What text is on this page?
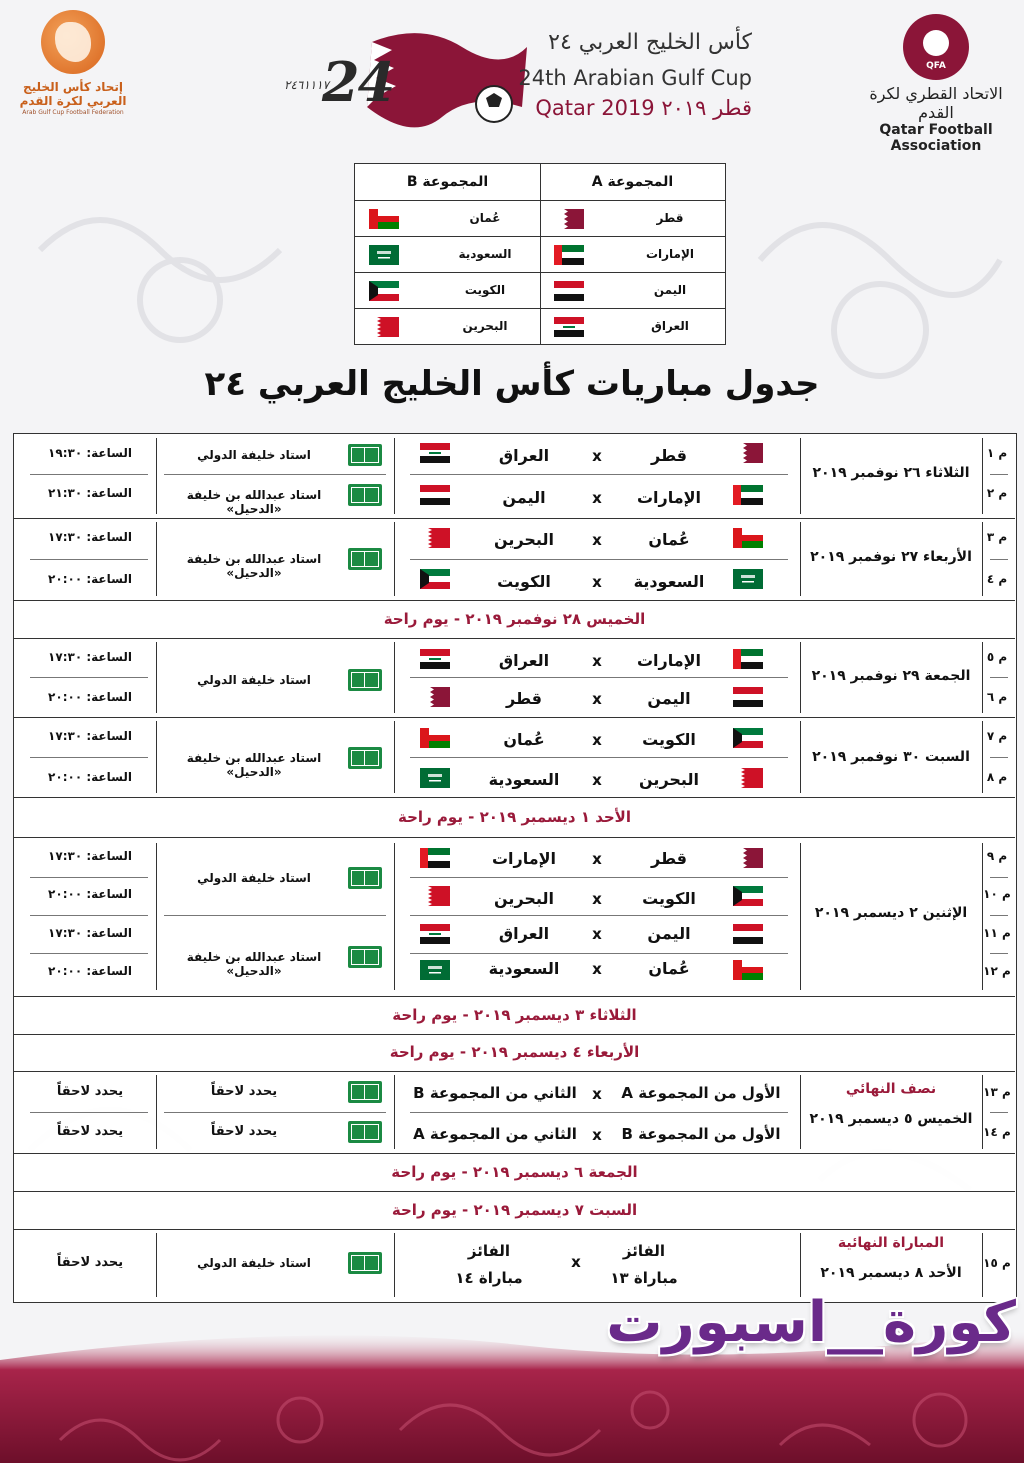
إتحاد كأس الخليج
العربي لكرة القدم
Arab Gulf Cup Football Federation
٢٤٦١١١٧
24
كأس الخليج العربي ٢٤
24th Arabian Gulf Cup
Qatar 2019 قطر ٢٠١٩
QFA
الاتحاد القطري لكرة القدم
Qatar Football Association
المجموعة A
قطر
الإمارات
اليمن
العراق
المجموعة B
عُمان
السعودية
الكويت
البحرين
جدول مباريات كأس الخليج العربي ٢٤
م ١
م ٢
الثلاثاء ٢٦ نوفمبر ٢٠١٩
قطر
x
العراق
الإمارات
x
اليمن
استاد خليفة الدولي
استاد عبدالله بن خليفة «الدحيل»
الساعة: ١٩:٣٠
الساعة: ٢١:٣٠
م ٣
م ٤
الأربعاء ٢٧ نوفمبر ٢٠١٩
عُمان
x
البحرين
السعودية
x
الكويت
استاد عبدالله بن خليفة «الدحيل»
الساعة: ١٧:٣٠
الساعة: ٢٠:٠٠
الخميس ٢٨ نوفمبر ٢٠١٩ - يوم راحة
م ٥
م ٦
الجمعة ٢٩ نوفمبر ٢٠١٩
الإمارات
x
العراق
اليمن
x
قطر
استاد خليفة الدولي
الساعة: ١٧:٣٠
الساعة: ٢٠:٠٠
م ٧
م ٨
السبت ٣٠ نوفمبر ٢٠١٩
الكويت
x
عُمان
البحرين
x
السعودية
استاد عبدالله بن خليفة «الدحيل»
الساعة: ١٧:٣٠
الساعة: ٢٠:٠٠
الأحد ١ ديسمبر ٢٠١٩ - يوم راحة
م ٩
م ١٠
م ١١
م ١٢
الإثنين ٢ ديسمبر ٢٠١٩
قطر
x
الإمارات
الكويت
x
البحرين
اليمن
x
العراق
عُمان
x
السعودية
استاد خليفة الدولي
استاد عبدالله بن خليفة «الدحيل»
الساعة: ١٧:٣٠
الساعة: ٢٠:٠٠
الساعة: ١٧:٣٠
الساعة: ٢٠:٠٠
الثلاثاء ٣ ديسمبر ٢٠١٩ - يوم راحة
الأربعاء ٤ ديسمبر ٢٠١٩ - يوم راحة
م ١٣
م ١٤
نصف النهائي
الخميس ٥ ديسمبر ٢٠١٩
الأول من المجموعة A
x
الثاني من المجموعة B
الأول من المجموعة B
x
الثاني من المجموعة A
يحدد لاحقاً
يحدد لاحقاً
يحدد لاحقاً
يحدد لاحقاً
الجمعة ٦ ديسمبر ٢٠١٩ - يوم راحة
السبت ٧ ديسمبر ٢٠١٩ - يوم راحة
م ١٥
المباراة النهائية
الأحد ٨ ديسمبر ٢٠١٩
الفائز
مباراة ١٣
x
الفائز
مباراة ١٤
استاد خليفة الدولي
يحدد لاحقاً
كورة__اسبورت
